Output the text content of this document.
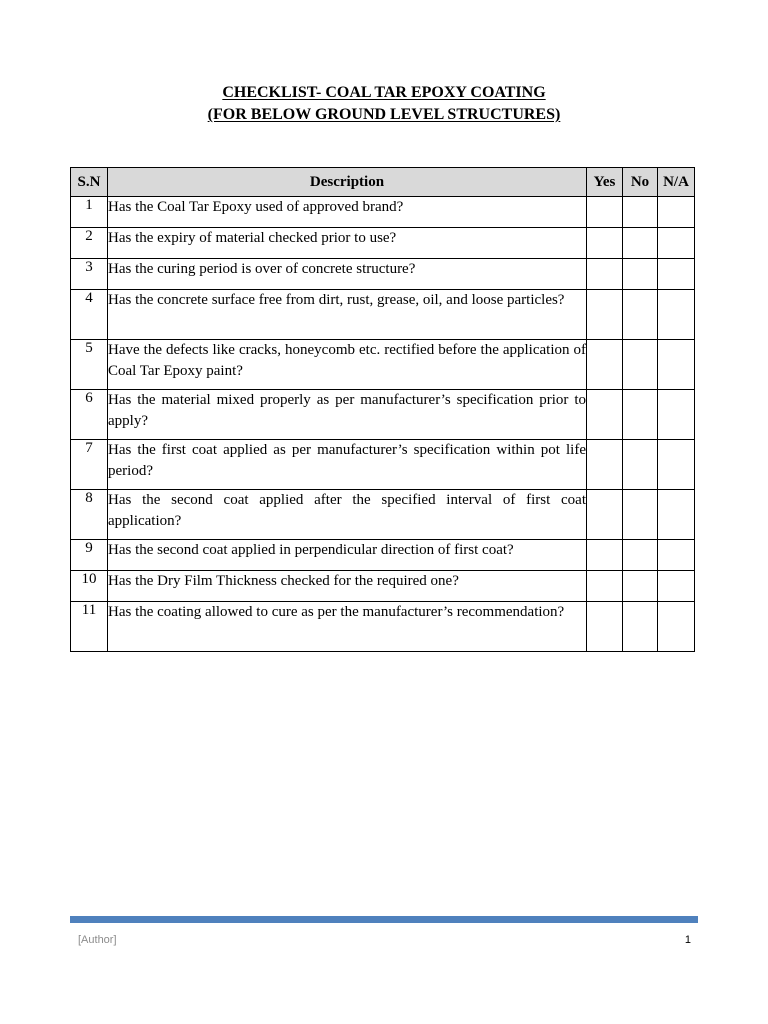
CHECKLIST- COAL TAR EPOXY COATING
(FOR BELOW GROUND LEVEL STRUCTURES)
S.N	Description	Yes	No	N/A
1	Has the Coal Tar Epoxy used of approved brand?			
2	Has the expiry of material checked prior to use?			
3	Has the curing period is over of concrete structure?			
4	Has the concrete surface free from dirt, rust, grease, oil, and loose particles?			
5	Have the defects like cracks, honeycomb etc. rectified before the application of Coal Tar Epoxy paint?			
6	Has the material mixed properly as per manufacturer’s specification prior to apply?			
7	Has the first coat applied as per manufacturer’s specification within pot life period?			
8	Has the second coat applied after the specified interval of first coat application?			
9	Has the second coat applied in perpendicular direction of first coat?			
10	Has the Dry Film Thickness checked for the required one?			
11	Has the coating allowed to cure as per the manufacturer’s recommendation?			
[Author]	1
